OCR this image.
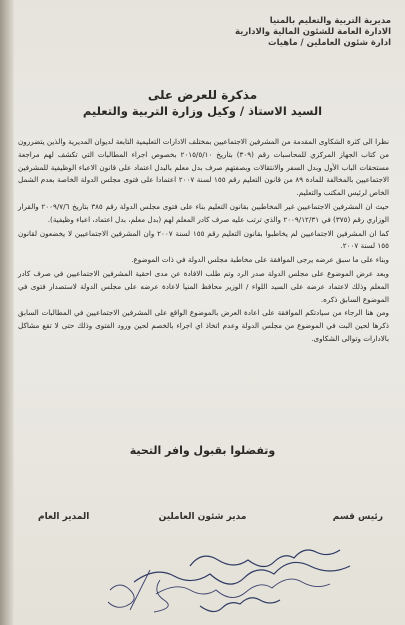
مديرية التربية والتعليم بالمنيا
الادارة العامة للشئون المالية والادارية
ادارة شئون العاملين / ماهيات
مذكرة للعرض على
السيد الاستاذ / وكيل وزارة التربية والتعليم

نظرا الى كثرة الشكاوى المقدمة من المشرفين الاجتماعيين بمختلف الادارات التعليمية التابعة لديوان المديرية والذين يتضررون من كتاب الجهاز المركزي للمحاسبات رقم (٣٠٩) بتاريخ ٢٠١٥/٥/١٠ بخصوص اجراء المطالبات التي تكشف لهم مراجعة مستحقات الباب الأول وبدل السفر والانتقالات وبصفتهم صرف بدل معلم بالبدل اعتماد على قانون الاعباء الوظيفية للمشرفين الاجتماعيين بالمخالفة للمادة ٨٩ من قانون التعليم رقم ١٥٥ لسنة ٢٠٠٧ اعتمادا على فتوى مجلس الدولة الخاصة بعدم الشمل الخاص لرئيس المكتب والتعليم.

حيث ان المشرفين الاجتماعيين غير المخاطبين بقانون التعليم بناء على فتوى مجلس الدولة رقم ٣٨٥ بتاريخ ٢٠٠٩/٧/٦ والقرار الوزاري رقم (٣٧٥) في ٢٠٠٩/١٢/٣١ والذي ترتب عليه صرف كادر المعلم لهم (بدل معلم، بدل اعتماد، اعباء وظيفية).

كما ان المشرفين الاجتماعيين لم يخاطبوا بقانون التعليم رقم ١٥٥ لسنة ٢٠٠٧ وان المشرفين الاجتماعيين لا يخضعون لقانون ١٥٥ لسنة ٢٠٠٧.

وبناء على ما سبق عرضه يرجى الموافقة على مخاطبة مجلس الدولة في ذات الموضوع.

وبعد عرض الموضوع على مجلس الدولة صدر الرد وتم طلب الافادة عن مدى احقية المشرفين الاجتماعيين في صرف كادر المعلم وذلك لاعتماد عرضه على السيد اللواء / الوزير محافظ المنيا لاعادة عرضه على مجلس الدولة لاستصدار فتوى في الموضوع السابق ذكره.

ومن هنا الرجاء من سيادتكم الموافقة على اعادة العرض بالموضوع الواقع على المشرفين الاجتماعيين في المطالبات السابق ذكرها لحين البت في الموضوع من مجلس الدولة وعدم اتخاذ اي اجراء بالخصم لحين ورود الفتوى وذلك حتى لا تقع مشاكل بالادارات وتوالى الشكاوى.

وتفضلوا بقبول وافر التحية
رئيس قسم
مدير شئون العاملين
المدير العام
